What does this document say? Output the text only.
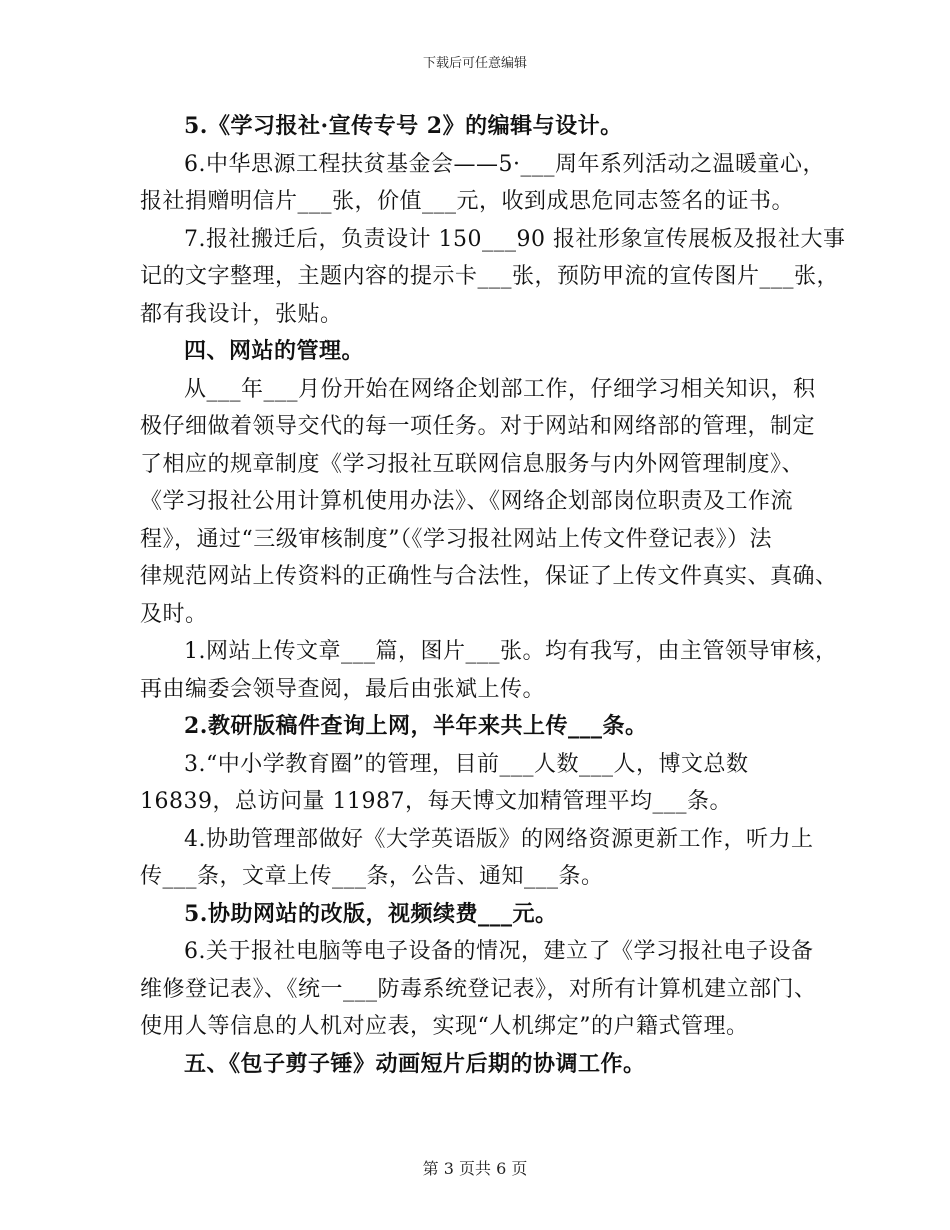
下载后可任意编辑

5.《学习报社·宣传专号 2》的编辑与设计。

6.中华思源工程扶贫基金会——5·___周年系列活动之温暖童心，

报社捐赠明信片___张，价值___元，收到成思危同志签名的证书。

7.报社搬迁后，负责设计 150___90 报社形象宣传展板及报社大事

记的文字整理，主题内容的提示卡___张，预防甲流的宣传图片___张，

都有我设计，张贴。

四、网站的管理。

从___年___月份开始在网络企划部工作，仔细学习相关知识，积

极仔细做着领导交代的每一项任务。对于网站和网络部的管理，制定

了相应的规章制度《学习报社互联网信息服务与内外网管理制度》、

《学习报社公用计算机使用办法》、《网络企划部岗位职责及工作流

程》，通过“三级审核制度”（《学习报社网站上传文件登记表》）法

律规范网站上传资料的正确性与合法性，保证了上传文件真实、真确、

及时。

1.网站上传文章___篇，图片___张。均有我写，由主管领导审核，

再由编委会领导查阅，最后由张斌上传。

2.教研版稿件查询上网，半年来共上传___条。

3.“中小学教育圈”的管理，目前___人数___人，博文总数

16839，总访问量 11987，每天博文加精管理平均___条。

4.协助管理部做好《大学英语版》的网络资源更新工作，听力上

传___条，文章上传___条，公告、通知___条。

5.协助网站的改版，视频续费___元。

6.关于报社电脑等电子设备的情况，建立了《学习报社电子设备

维修登记表》、《统一___防毒系统登记表》，对所有计算机建立部门、

使用人等信息的人机对应表，实现“人机绑定”的户籍式管理。

五、《包子剪子锤》动画短片后期的协调工作。

第 3 页共 6 页
